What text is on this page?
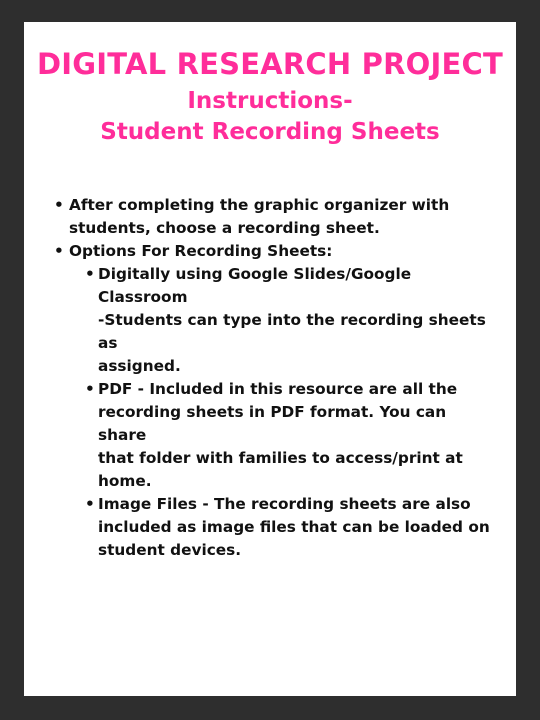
DIGITAL RESEARCH PROJECT
Instructions-
Student Recording Sheets
• After completing the graphic organizer with
students, choose a recording sheet.
• Options For Recording Sheets:
• Digitally using Google Slides/Google Classroom
-Students can type into the recording sheets as
assigned.
• PDF - Included in this resource are all the
recording sheets in PDF format. You can share
that folder with families to access/print at
home.
• Image Files - The recording sheets are also
included as image files that can be loaded on
student devices.
